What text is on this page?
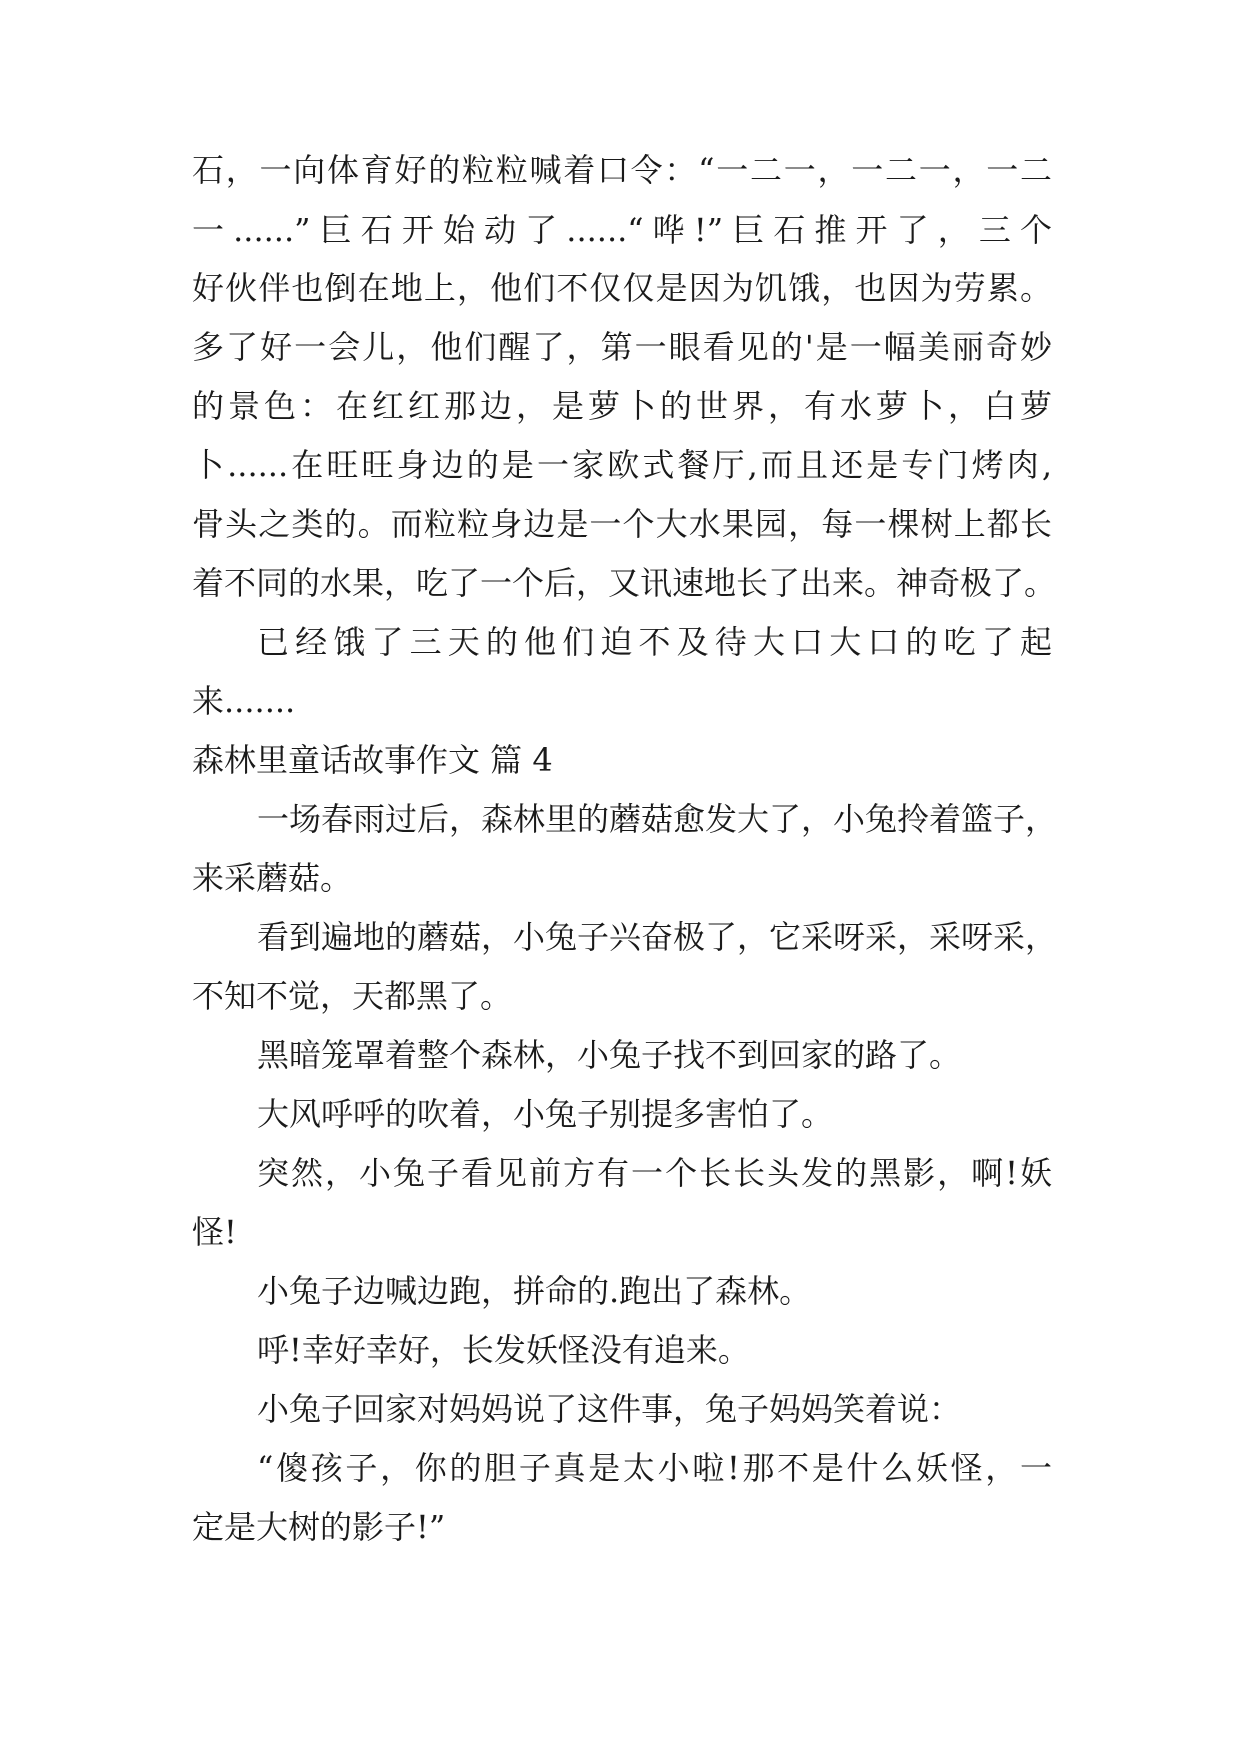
石，一向体育好的粒粒喊着口令：“一二一，一二一，一二
一......”巨石开始动了......“哗!”巨石推开了，三个
好伙伴也倒在地上，他们不仅仅是因为饥饿，也因为劳累。
多了好一会儿，他们醒了，第一眼看见的'是一幅美丽奇妙
的景色：在红红那边，是萝卜的世界，有水萝卜，白萝
卜......在旺旺身边的是一家欧式餐厅,而且还是专门烤肉,
骨头之类的。而粒粒身边是一个大水果园，每一棵树上都长
着不同的水果，吃了一个后，又讯速地长了出来。神奇极了。
已经饿了三天的他们迫不及待大口大口的吃了起
来.......
森林里童话故事作文 篇 4
一场春雨过后，森林里的蘑菇愈发大了，小兔拎着篮子，
来采蘑菇。
看到遍地的蘑菇，小兔子兴奋极了，它采呀采，采呀采，
不知不觉，天都黑了。
黑暗笼罩着整个森林，小兔子找不到回家的路了。
大风呼呼的吹着，小兔子别提多害怕了。
突然，小兔子看见前方有一个长长头发的黑影，啊!妖
怪!
小兔子边喊边跑，拼命的.跑出了森林。
呼!幸好幸好，长发妖怪没有追来。
小兔子回家对妈妈说了这件事，兔子妈妈笑着说：
“傻孩子，你的胆子真是太小啦!那不是什么妖怪，一
定是大树的影子!”
